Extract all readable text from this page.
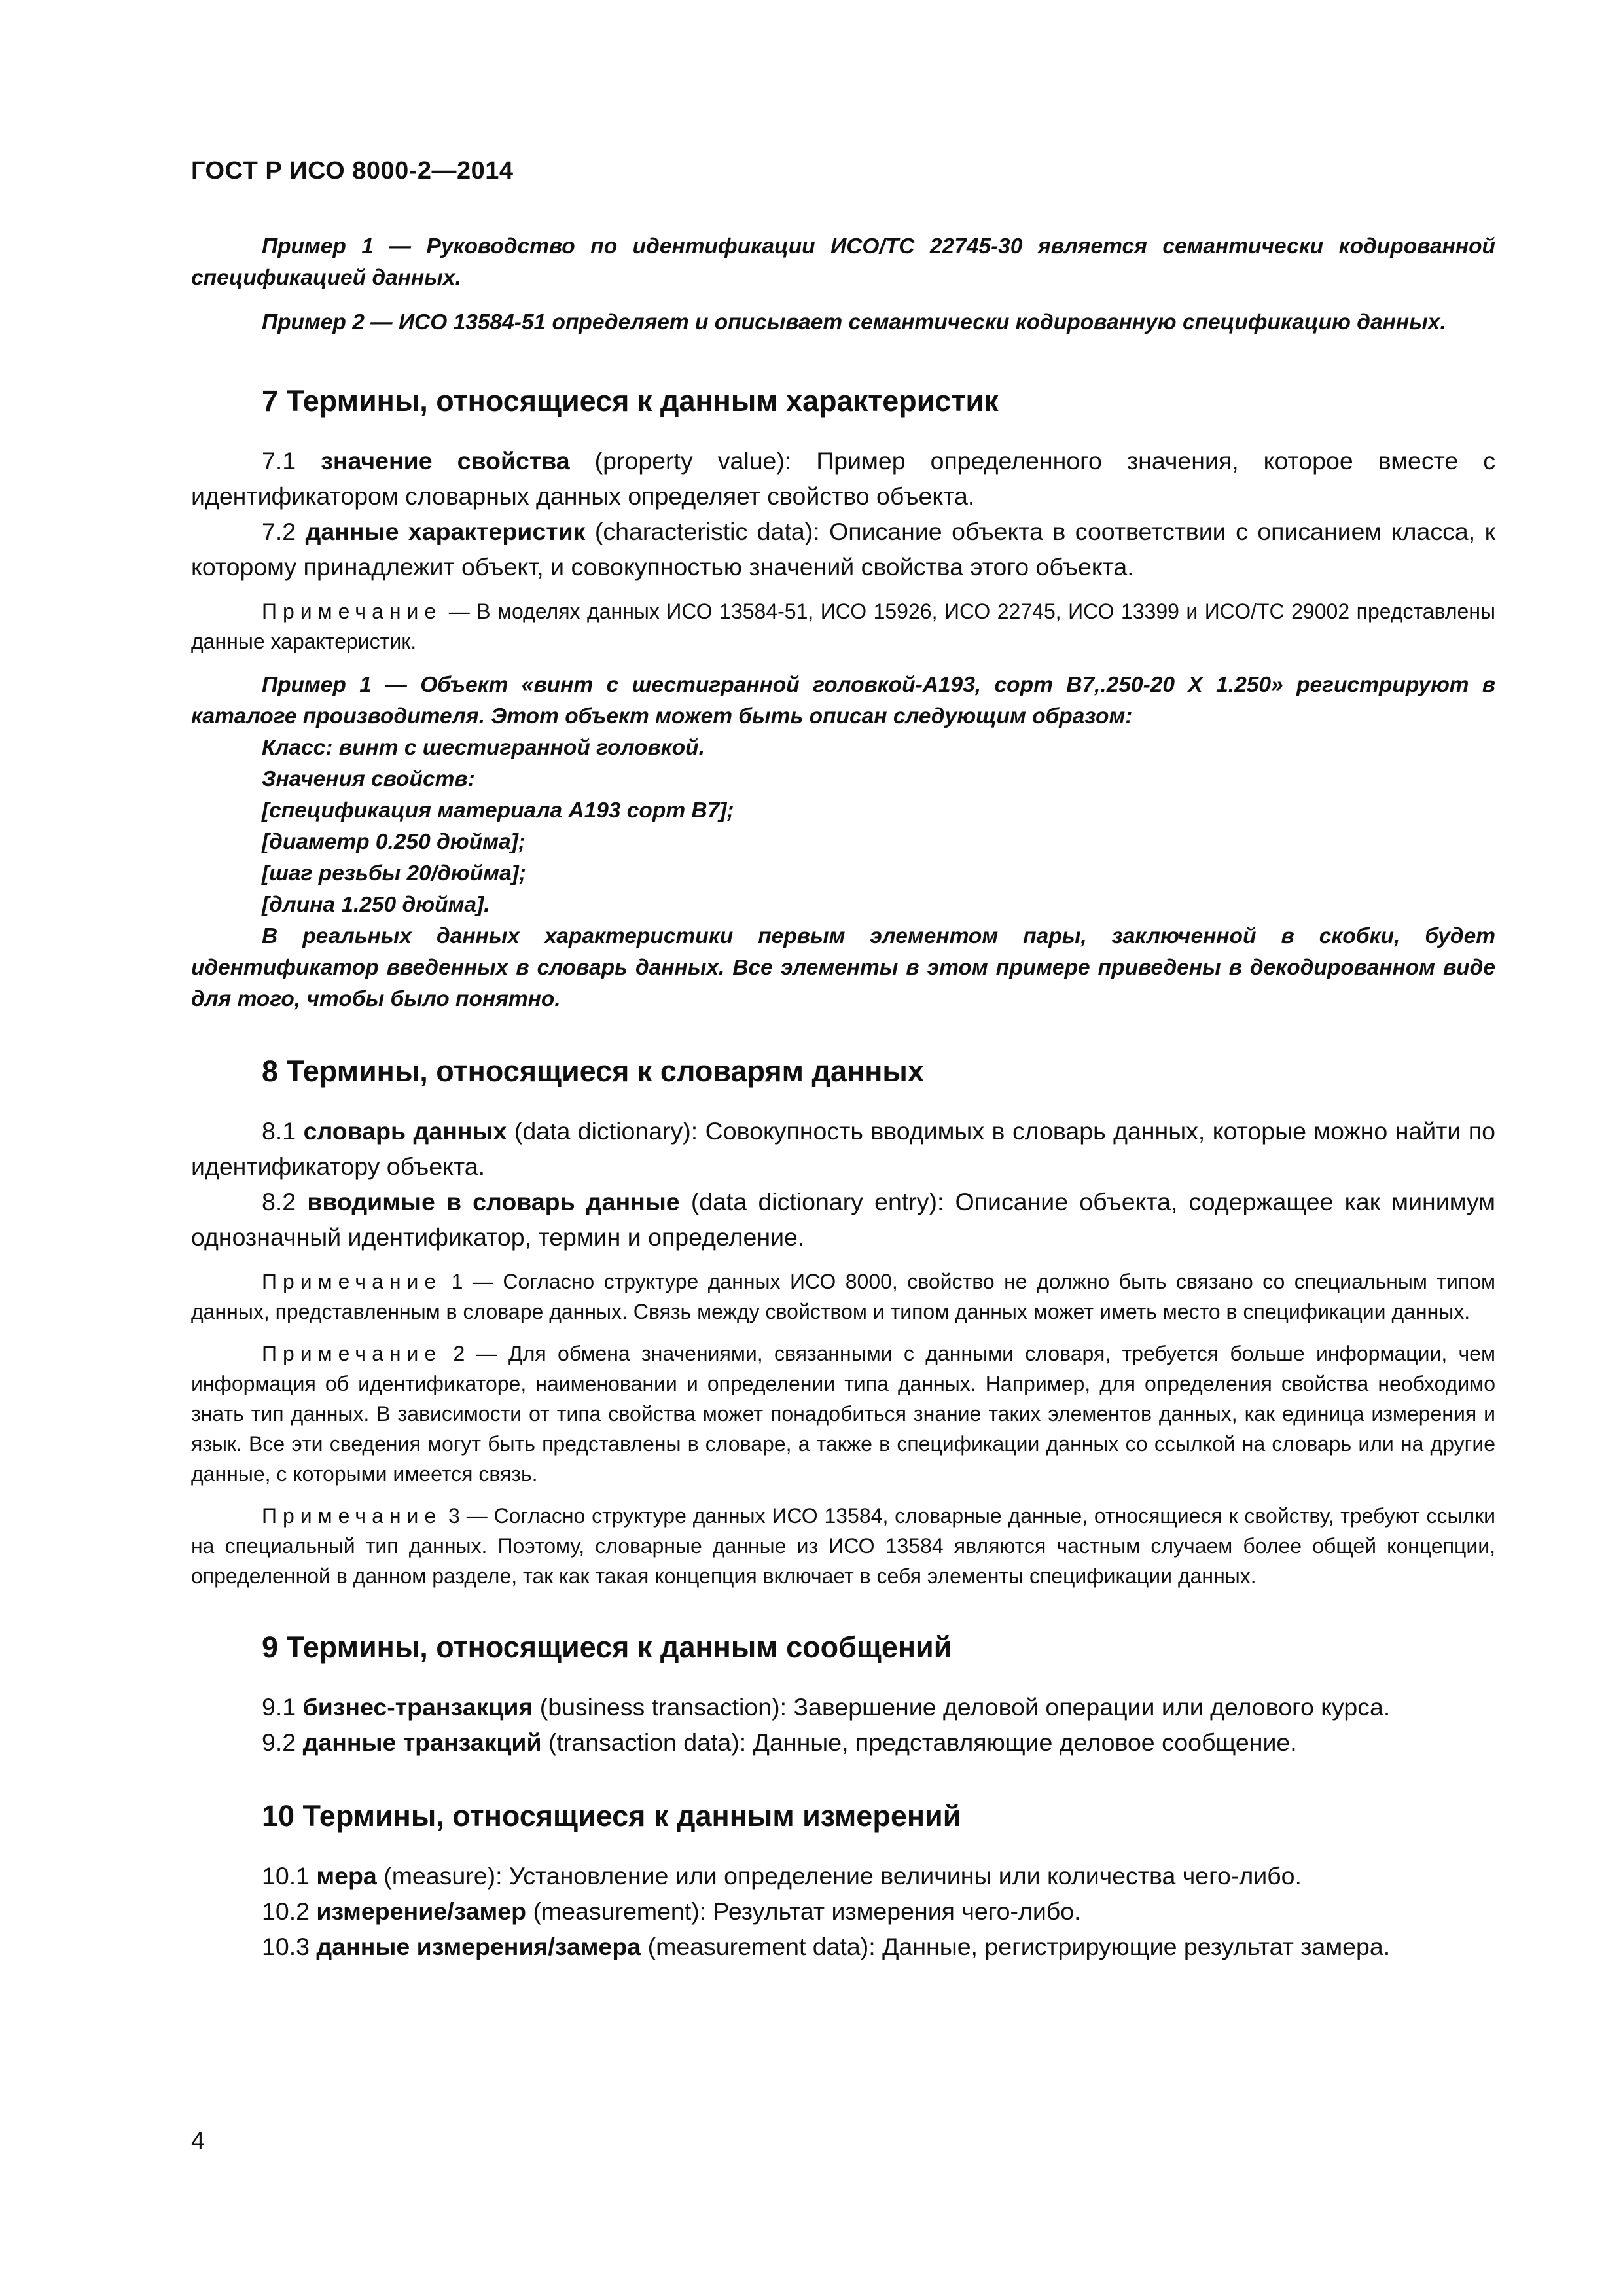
ГОСТ Р ИСО 8000-2—2014

Пример 1 — Руководство по идентификации ИСО/ТС 22745-30 является семантически кодированной спецификацией данных.

Пример 2 — ИСО 13584-51 определяет и описывает семантически кодированную спецификацию данных.

7 Термины, относящиеся к данным характеристик

7.1 значение свойства (property value): Пример определенного значения, которое вместе с идентификатором словарных данных определяет свойство объекта.

7.2 данные характеристик (characteristic data): Описание объекта в соответствии с описанием класса, к которому принадлежит объект, и совокупностью значений свойства этого объекта.

Примечание — В моделях данных ИСО 13584-51, ИСО 15926, ИСО 22745, ИСО 13399 и ИСО/ТС 29002 представлены данные характеристик.

Пример 1 — Объект «винт с шестигранной головкой-А193, сорт В7,.250-20 X 1.250» регистрируют в каталоге производителя. Этот объект может быть описан следующим образом:

Класс: винт с шестигранной головкой.
Значения свойств:
[спецификация материала А193 сорт В7];
[диаметр 0.250 дюйма];
[шаг резьбы 20/дюйма];
[длина 1.250 дюйма].

В реальных данных характеристики первым элементом пары, заключенной в скобки, будет идентификатор введенных в словарь данных. Все элементы в этом примере приведены в декодированном виде для того, чтобы было понятно.

8 Термины, относящиеся к словарям данных

8.1 словарь данных (data dictionary): Совокупность вводимых в словарь данных, которые можно найти по идентификатору объекта.

8.2 вводимые в словарь данные (data dictionary entry): Описание объекта, содержащее как минимум однозначный идентификатор, термин и определение.

Примечание 1 — Согласно структуре данных ИСО 8000, свойство не должно быть связано со специальным типом данных, представленным в словаре данных. Связь между свойством и типом данных может иметь место в спецификации данных.

Примечание 2 — Для обмена значениями, связанными с данными словаря, требуется больше информации, чем информация об идентификаторе, наименовании и определении типа данных. Например, для определения свойства необходимо знать тип данных. В зависимости от типа свойства может понадобиться знание таких элементов данных, как единица измерения и язык. Все эти сведения могут быть представлены в словаре, а также в спецификации данных со ссылкой на словарь или на другие данные, с которыми имеется связь.

Примечание 3 — Согласно структуре данных ИСО 13584, словарные данные, относящиеся к свойству, требуют ссылки на специальный тип данных. Поэтому, словарные данные из ИСО 13584 являются частным случаем более общей концепции, определенной в данном разделе, так как такая концепция включает в себя элементы спецификации данных.

9 Термины, относящиеся к данным сообщений

9.1 бизнес-транзакция (business transaction): Завершение деловой операции или делового курса.

9.2 данные транзакций (transaction data): Данные, представляющие деловое сообщение.

10 Термины, относящиеся к данным измерений

10.1 мера (measure): Установление или определение величины или количества чего-либо.

10.2 измерение/замер (measurement): Результат измерения чего-либо.

10.3 данные измерения/замера (measurement data): Данные, регистрирующие результат замера.

4
